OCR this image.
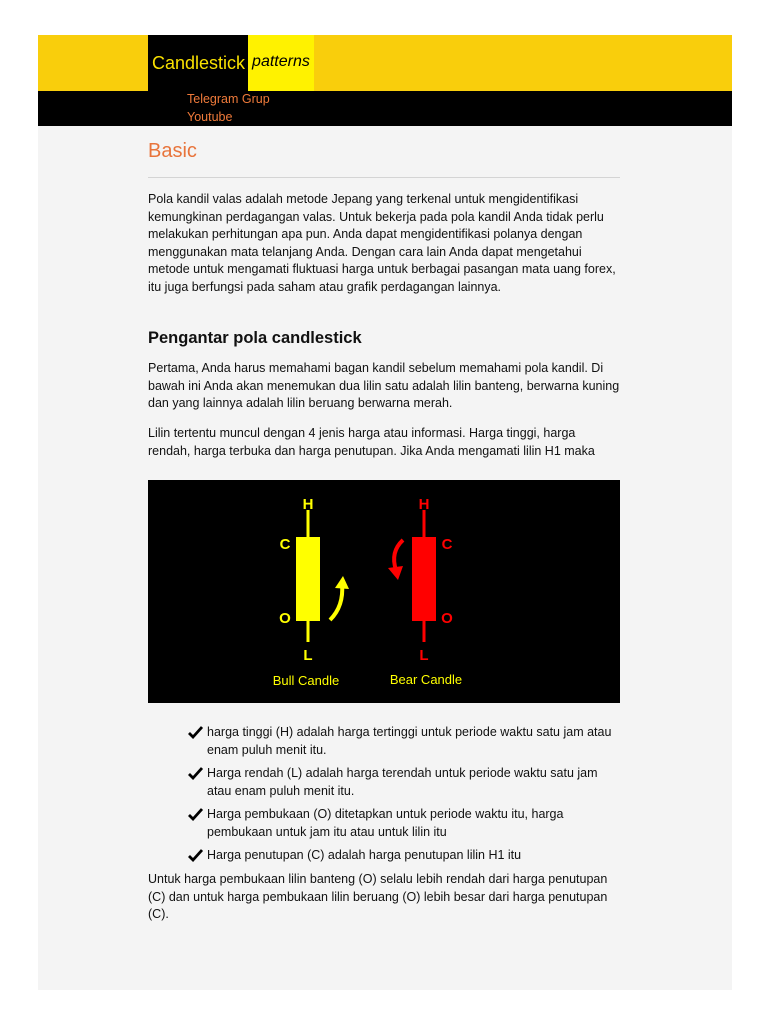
Candlestick patterns
Telegram Grup
Youtube
Basic

Pola kandil valas adalah metode Jepang yang terkenal untuk mengidentifikasi kemungkinan perdagangan valas. Untuk bekerja pada pola kandil Anda tidak perlu melakukan perhitungan apa pun. Anda dapat mengidentifikasi polanya dengan menggunakan mata telanjang Anda. Dengan cara lain Anda dapat mengetahui metode untuk mengamati fluktuasi harga untuk berbagai pasangan mata uang forex, itu juga berfungsi pada saham atau grafik perdagangan lainnya.

Pengantar pola candlestick

Pertama, Anda harus memahami bagan kandil sebelum memahami pola kandil. Di bawah ini Anda akan menemukan dua lilin satu adalah lilin banteng, berwarna kuning dan yang lainnya adalah lilin beruang berwarna merah.

Lilin tertentu muncul dengan 4 jenis harga atau informasi. Harga tinggi, harga rendah, harga terbuka dan harga penutupan. Jika Anda mengamati lilin H1 maka

H
C
O
L
Bull Candle
H
C
O
L
Bear Candle
harga tinggi (H) adalah harga tertinggi untuk periode waktu satu jam atau enam puluh menit itu.
Harga rendah (L) adalah harga terendah untuk periode waktu satu jam atau enam puluh menit itu.
Harga pembukaan (O) ditetapkan untuk periode waktu itu, harga pembukaan untuk jam itu atau untuk lilin itu
Harga penutupan (C) adalah harga penutupan lilin H1 itu

Untuk harga pembukaan lilin banteng (O) selalu lebih rendah dari harga penutupan (C) dan untuk harga pembukaan lilin beruang (O) lebih besar dari harga penutupan (C).
